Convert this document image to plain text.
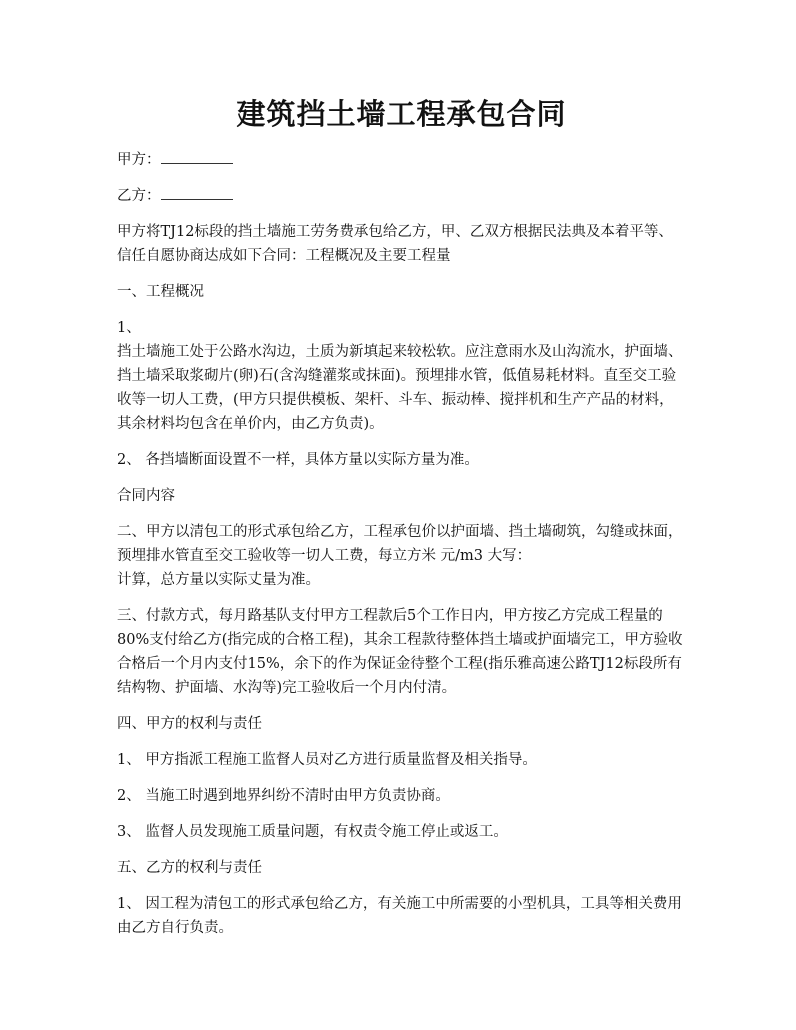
建筑挡土墙工程承包合同

甲方：

乙方：

甲方将TJ12标段的挡土墙施工劳务费承包给乙方，甲、乙双方根据民法典及本着平等、信任自愿协商达成如下合同：工程概况及主要工程量

一、工程概况

1、
挡土墙施工处于公路水沟边，土质为新填起来较松软。应注意雨水及山沟流水，护面墙、挡土墙采取浆砌片(卵)石(含沟缝灌浆或抹面)。预埋排水管，低值易耗材料。直至交工验收等一切人工费，(甲方只提供模板、架杆、斗车、振动棒、搅拌机和生产产品的材料，其余材料均包含在单价内，由乙方负责)。

2、 各挡墙断面设置不一样，具体方量以实际方量为准。

合同内容

二、甲方以清包工的形式承包给乙方，工程承包价以护面墙、挡土墙砌筑，勾缝或抹面，预埋排水管直至交工验收等一切人工费，每立方米 元/m3 大写：
计算，总方量以实际丈量为准。

三、付款方式，每月路基队支付甲方工程款后5个工作日内，甲方按乙方完成工程量的80%支付给乙方(指完成的合格工程)，其余工程款待整体挡土墙或护面墙完工，甲方验收合格后一个月内支付15%，余下的作为保证金待整个工程(指乐雅高速公路TJ12标段所有结构物、护面墙、水沟等)完工验收后一个月内付清。

四、甲方的权利与责任

1、 甲方指派工程施工监督人员对乙方进行质量监督及相关指导。

2、 当施工时遇到地界纠纷不清时由甲方负责协商。

3、 监督人员发现施工质量问题，有权责令施工停止或返工。

五、乙方的权利与责任

1、 因工程为清包工的形式承包给乙方，有关施工中所需要的小型机具，工具等相关费用由乙方自行负责。
